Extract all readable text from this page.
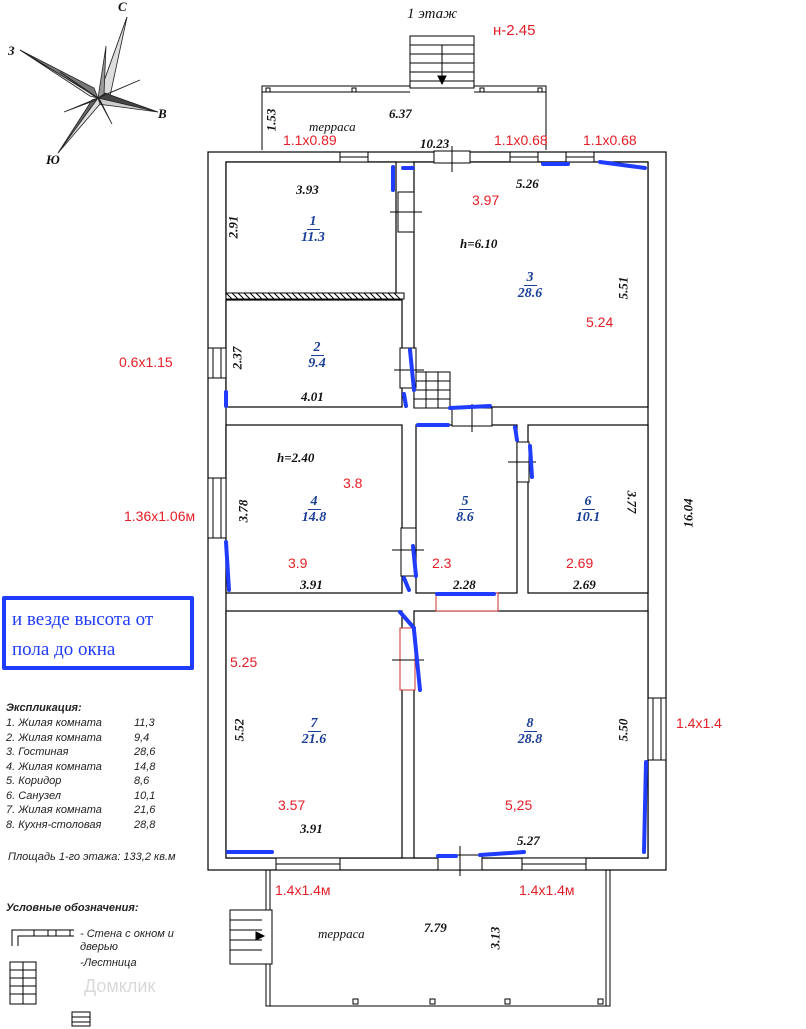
С
З
В
Ю
1 этаж
н-2.45
терраса
6.37
1.53
3.93
2.91
2.37
4.01
10.23
5.26
5.51
h=6.10
h=2.40
3.78
3.91	2.28	2.69
3.77	16.04
5.52
3.91
5.50
5.27
1
11.3
2
9.4
3
28.6
4
14.8
5
8.6
6
10.1
7
21.6
8
28.8
1.1x0.89	1.1x0.68	1.1x0.68
3.97
5.24
0.6x1.15
3.8
1.36x1.06м
3.9	2.3	2.69
5.25
3.57	5,25
1.4x1.4
1.4x1.4м	1.4x1.4м
терраса	7.79	3.13
и везде высота от пола до окна
Экспликация:
1. Жилая комната	11,3
2. Жилая комната	9,4
3. Гостиная	28,6
4. Жилая комната	14,8
5. Коридор	8,6
6. Санузел	10,1
7. Жилая комната	21,6
8. Кухня-столовая	28,8
Площадь 1-го этажа: 133,2 кв.м
Условные обозначения:
- Стена с окном и дверью
-Лестница
Домклик
